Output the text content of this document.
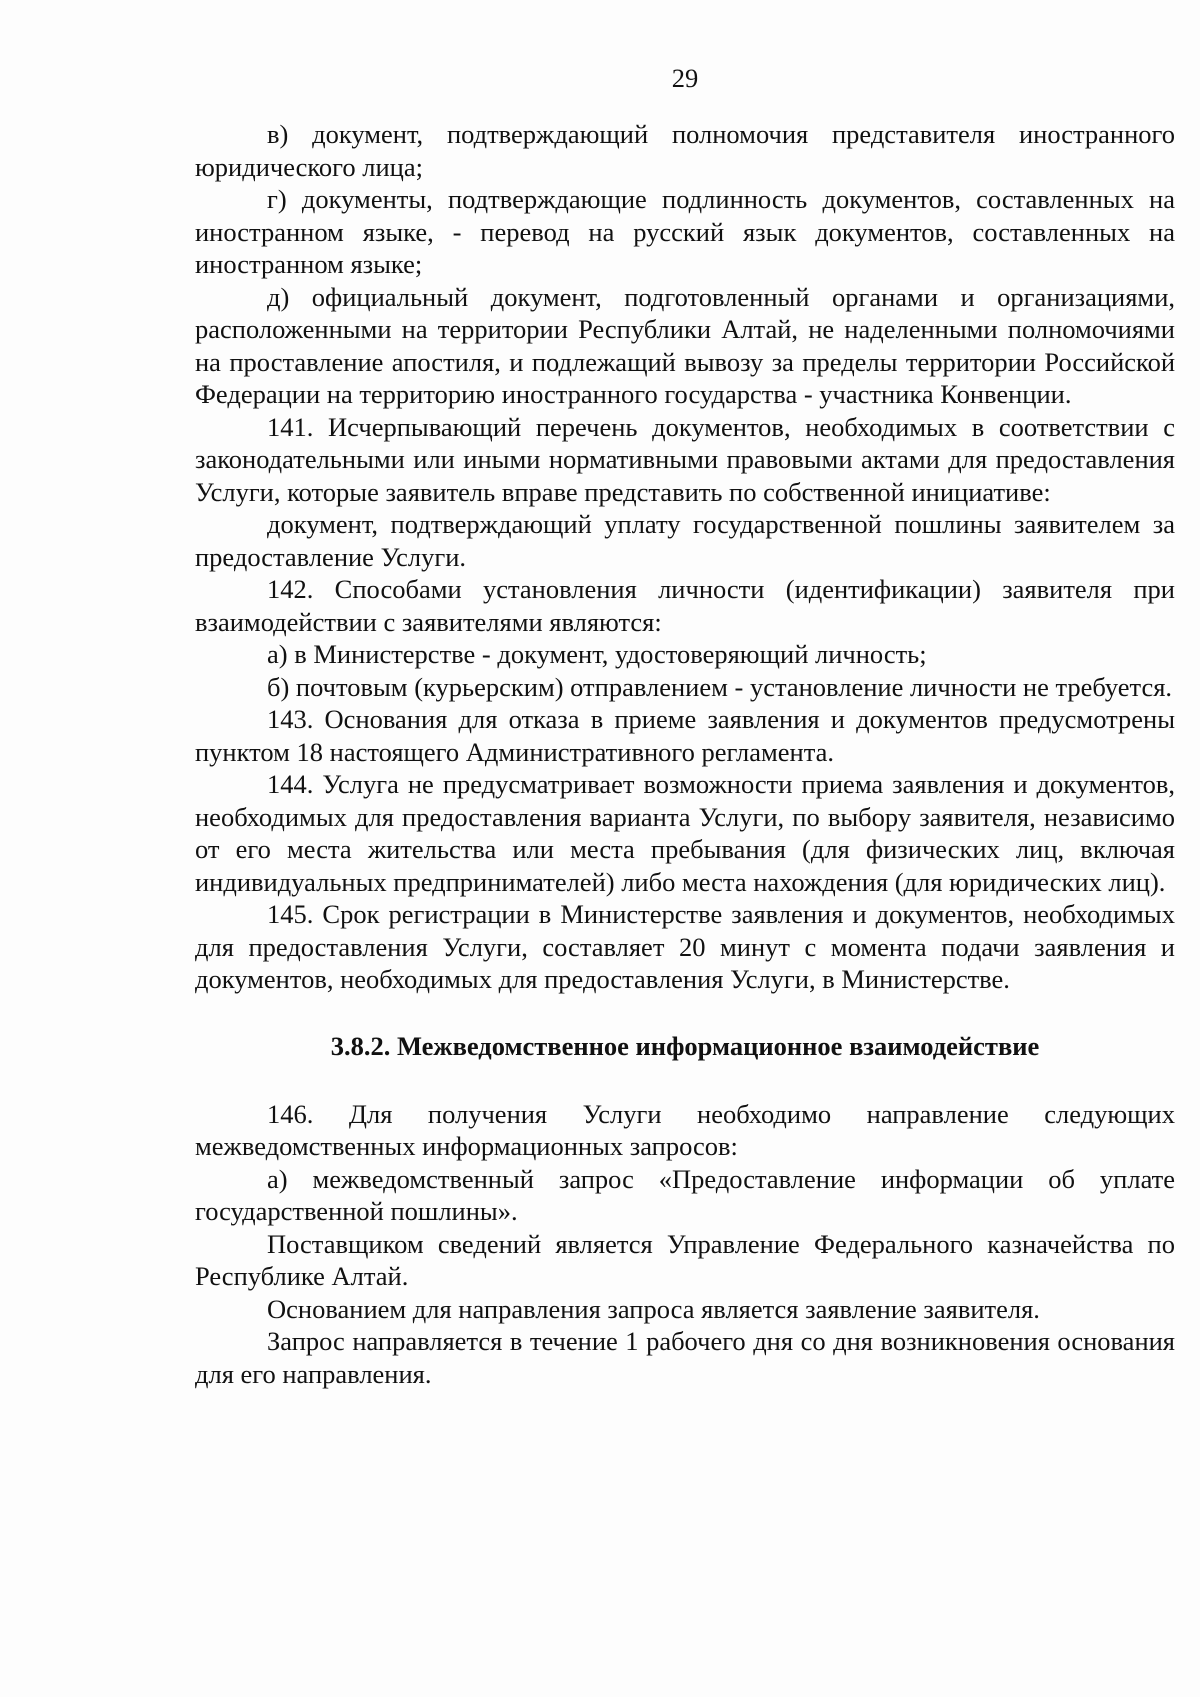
29

в) документ, подтверждающий полномочия представителя иностранного юридического лица;

г) документы, подтверждающие подлинность документов, составленных на иностранном языке, - перевод на русский язык документов, составленных на иностранном языке;

д) официальный документ, подготовленный органами и организациями, расположенными на территории Республики Алтай, не наделенными полномочиями на проставление апостиля, и подлежащий вывозу за пределы территории Российской Федерации на территорию иностранного государства - участника Конвенции.

141. Исчерпывающий перечень документов, необходимых в соответствии с законодательными или иными нормативными правовыми актами для предоставления Услуги, которые заявитель вправе представить по собственной инициативе:

документ, подтверждающий уплату государственной пошлины заявителем за предоставление Услуги.

142. Способами установления личности (идентификации) заявителя при взаимодействии с заявителями являются:

а) в Министерстве - документ, удостоверяющий личность;

б) почтовым (курьерским) отправлением - установление личности не требуется.

143. Основания для отказа в приеме заявления и документов предусмотрены пунктом 18 настоящего Административного регламента.

144. Услуга не предусматривает возможности приема заявления и документов, необходимых для предоставления варианта Услуги, по выбору заявителя, независимо от его места жительства или места пребывания (для физических лиц, включая индивидуальных предпринимателей) либо места нахождения (для юридических лиц).

145. Срок регистрации в Министерстве заявления и документов, необходимых для предоставления Услуги, составляет 20 минут с момента подачи заявления и документов, необходимых для предоставления Услуги, в Министерстве.

3.8.2. Межведомственное информационное взаимодействие

146. Для получения Услуги необходимо направление следующих межведомственных информационных запросов:

а) межведомственный запрос «Предоставление информации об уплате государственной пошлины».

Поставщиком сведений является Управление Федерального казначейства по Республике Алтай.

Основанием для направления запроса является заявление заявителя.

Запрос направляется в течение 1 рабочего дня со дня возникновения основания для его направления.
